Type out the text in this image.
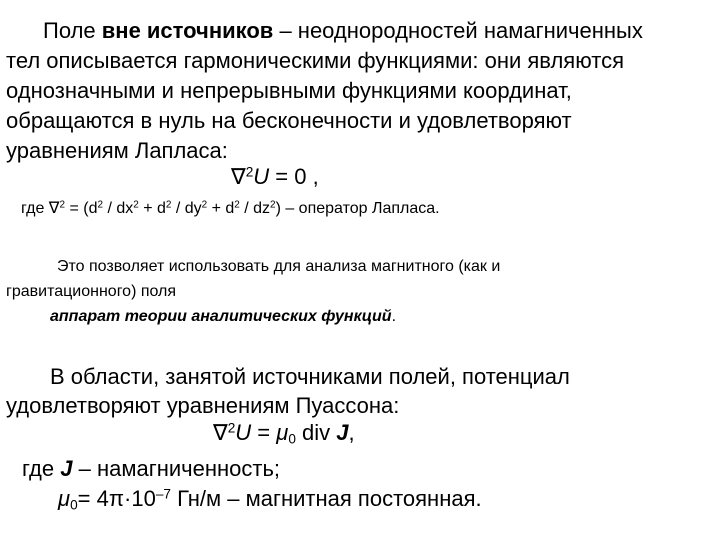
Поле вне источников – неоднородностей намагниченных
тел описывается гармоническими функциями: они являются
однозначными и непрерывными функциями координат,
обращаются в нуль на бесконечности и удовлетворяют
уравнениям Лапласа:
∇$^2$U = 0 ,
где $\nabla^2 = (d^2 / dx^2 + d^2 / dy^2 + d^2 / dz^2)$ – оператор Лапласа.
Это позволяет использовать для анализа магнитного (как и
гравитационного) поля
аппарат теории аналитических функций.
В области, занятой источниками полей, потенциал
удовлетворяют уравнениям Пуассона:
$\nabla^2U = \mu_0$ div J,
где J – намагниченность;
$\mu_0= 4\pi\cdot 10^{-7}$ Гн/м – магнитная постоянная.
